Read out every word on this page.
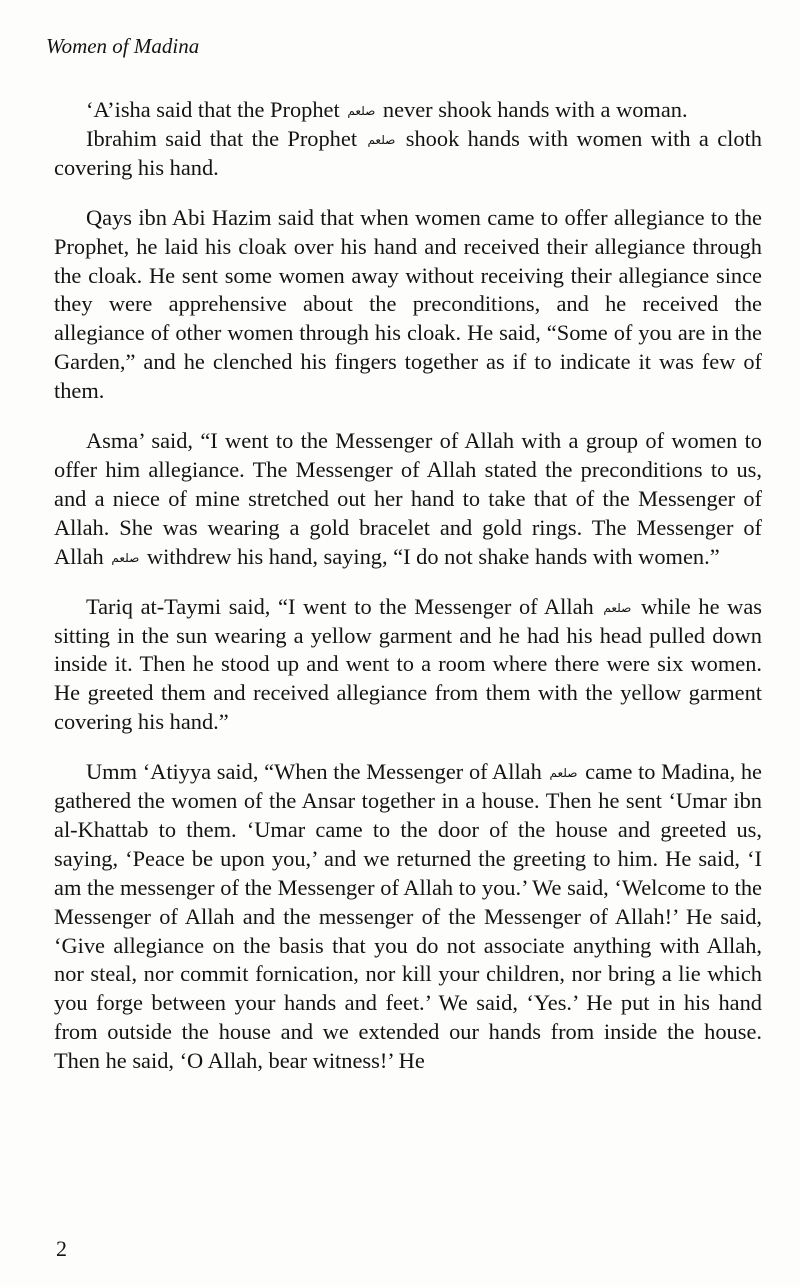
Women of Madina

‘A’isha said that the Prophet صلعم never shook hands with a woman.

Ibrahim said that the Prophet صلعم shook hands with women with a cloth covering his hand.

Qays ibn Abi Hazim said that when women came to offer allegiance to the Prophet, he laid his cloak over his hand and received their allegiance through the cloak. He sent some women away without receiving their allegiance since they were apprehensive about the preconditions, and he received the allegiance of other women through his cloak. He said, “Some of you are in the Garden,” and he clenched his fingers together as if to indicate it was few of them.

Asma’ said, “I went to the Messenger of Allah with a group of women to offer him allegiance. The Messenger of Allah stated the preconditions to us, and a niece of mine stretched out her hand to take that of the Messenger of Allah. She was wearing a gold bracelet and gold rings. The Messenger of Allah صلعم withdrew his hand, saying, “I do not shake hands with women.”

Tariq at-Taymi said, “I went to the Messenger of Allah صلعم while he was sitting in the sun wearing a yellow garment and he had his head pulled down inside it. Then he stood up and went to a room where there were six women. He greeted them and received allegiance from them with the yellow garment covering his hand.”

Umm ‘Atiyya said, “When the Messenger of Allah صلعم came to Madina, he gathered the women of the Ansar together in a house. Then he sent ‘Umar ibn al-Khattab to them. ‘Umar came to the door of the house and greeted us, saying, ‘Peace be upon you,’ and we returned the greeting to him. He said, ‘I am the messenger of the Messenger of Allah to you.’ We said, ‘Welcome to the Messenger of Allah and the messenger of the Messenger of Allah!’ He said, ‘Give allegiance on the basis that you do not associate anything with Allah, nor steal, nor commit fornication, nor kill your children, nor bring a lie which you forge between your hands and feet.’ We said, ‘Yes.’ He put in his hand from outside the house and we extended our hands from inside the house. Then he said, ‘O Allah, bear witness!’ He

2
